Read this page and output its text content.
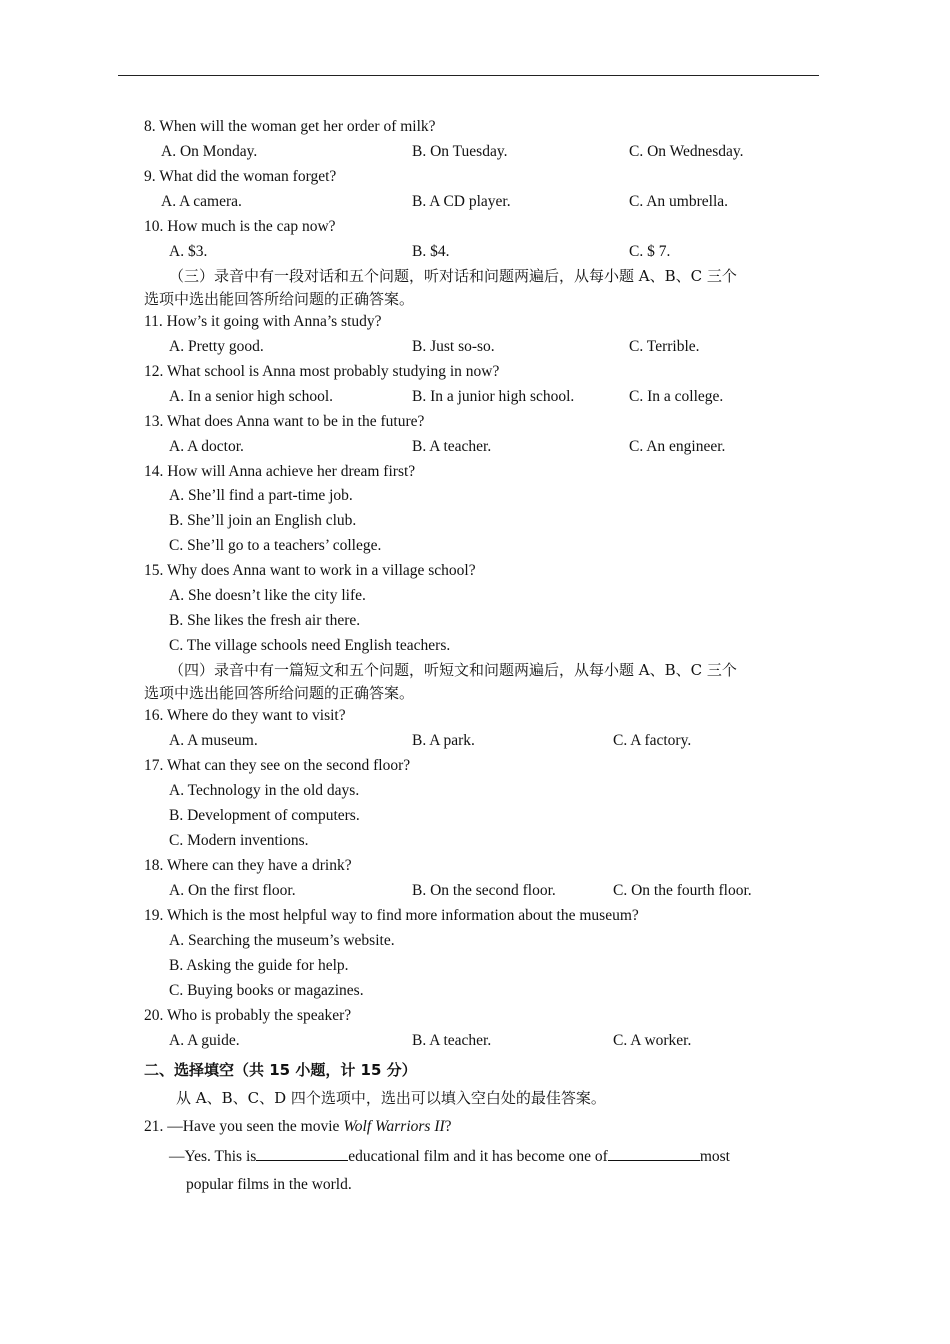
8. When will the woman get her order of milk?
A. On Monday.	B. On Tuesday.	C. On Wednesday.
9. What did the woman forget?
A. A camera.	B. A CD player.	C. An umbrella.
10. How much is the cap now?
A. $3.	B. $4.	C. $ 7.
（三）录音中有一段对话和五个问题，听对话和问题两遍后，从每小题 A、B、C 三个
选项中选出能回答所给问题的正确答案。
11. How’s it going with Anna’s study?
A. Pretty good.	B. Just so-so.	C. Terrible.
12. What school is Anna most probably studying in now?
A. In a senior high school.	B. In a junior high school.	C. In a college.
13. What does Anna want to be in the future?
A. A doctor.	B. A teacher.	C. An engineer.
14. How will Anna achieve her dream first?
A. She’ll find a part-time job.
B. She’ll join an English club.
C. She’ll go to a teachers’ college.
15. Why does Anna want to work in a village school?
A. She doesn’t like the city life.
B. She likes the fresh air there.
C. The village schools need English teachers.
（四）录音中有一篇短文和五个问题，听短文和问题两遍后，从每小题 A、B、C 三个
选项中选出能回答所给问题的正确答案。
16. Where do they want to visit?
A. A museum.	B. A park.	C. A factory.
17. What can they see on the second floor?
A. Technology in the old days.
B. Development of computers.
C. Modern inventions.
18. Where can they have a drink?
A. On the first floor.	B. On the second floor.	C. On the fourth floor.
19. Which is the most helpful way to find more information about the museum?
A. Searching the museum’s website.
B. Asking the guide for help.
C. Buying books or magazines.
20. Who is probably the speaker?
A. A guide.	B. A teacher.	C. A worker.
二、选择填空（共 15 小题，计 15 分）
从 A、B、C、D 四个选项中，选出可以填入空白处的最佳答案。
21. —Have you seen the movie Wolf Warriors II?
—Yes. This is	educational film and it has become one of	most
popular films in the world.
